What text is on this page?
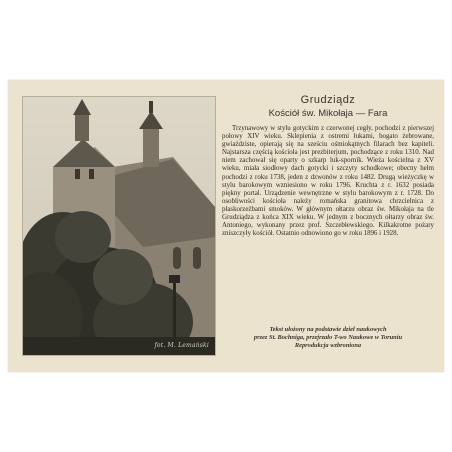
fot. M. Lemański
Grudziądz
Kościół św. Mikołaja — Fara

Trzynawowy w stylu gotyckim z czerwonej cegły, pochodzi z pierwszej połowy XIV wieku. Sklepienia z ostremi łukami, bogato żebrowane, gwiaździste, opierają się na sześciu ośmiokątnych filarach bez kapiteli. Najstarsza częścią kościoła jest prezbiterjum, pochodzące z roku 1310. Nad niem zachował się oparty o szkarp luk-sporník. Wieża kościelna z XV wieku, miała siodłowy dach gotycki i szczyty schodkowe; obecny hełm pochodzi z roku 1738, jeden z dzwonów z roku 1482. Drugą wieżyczkę w stylu barokowym wzniesiono w roku 1796. Kruchta z r. 1632 posiada piękny portal. Urządzenie wewnętrzne w stylu barokowym z r. 1728. Do osobliwości kościoła należy romańska granitowa chrzcielnica z płaskorzeźbami smoków. W głównym ołtarzu obraz św. Mikołaja na tle Grudziądza z końca XIX wieku. W jednym z bocznych ołtarzy obraz św. Antoniego, wykonany przez prof. Szczebłewskiego. Kilkakrotne pożary zniszczyły kościół. Ostatnio odnowiono go w roku 1896 i 1928.

Tekst ułożony na podstawie dzieł naukowych
przez St. Bochniga, przejrzało T-wo Naukowe w Toruniu
Reprodukcja wzbroniona
